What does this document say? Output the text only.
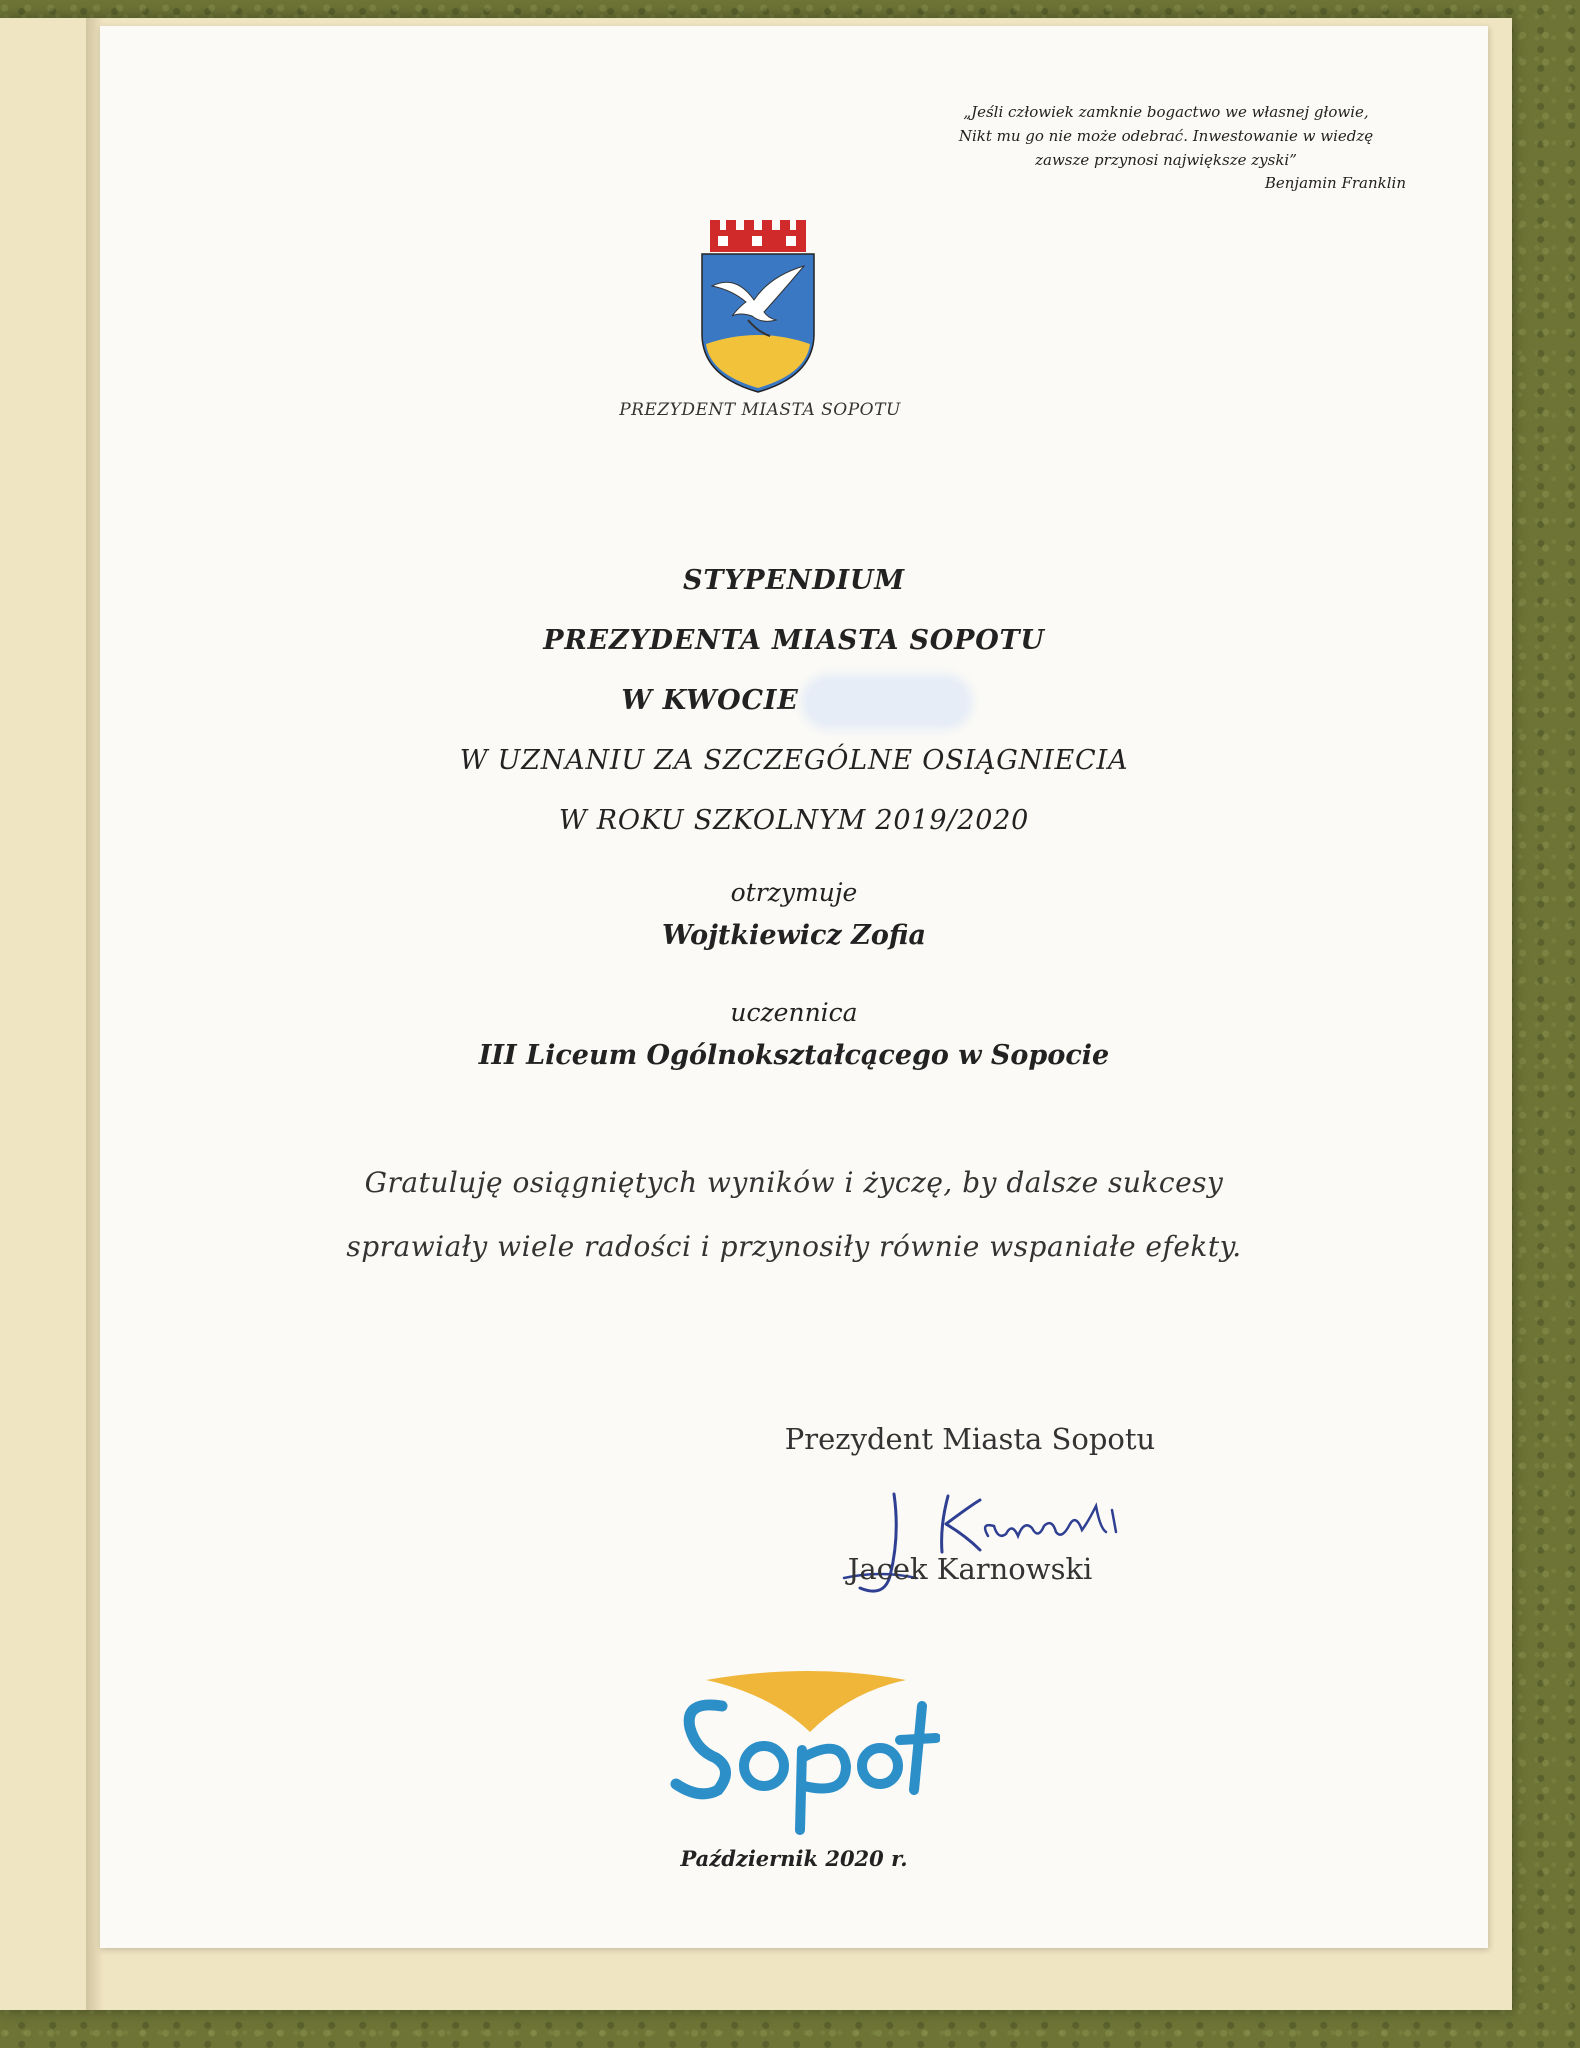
„Jeśli człowiek zamknie bogactwo we własnej głowie,
Nikt mu go nie może odebrać. Inwestowanie w wiedzę
zawsze przynosi największe zyski”
Benjamin Franklin
PREZYDENT MIASTA SOPOTU
STYPENDIUM
PREZYDENTA MIASTA SOPOTU
W KWOCIE
W UZNANIU ZA SZCZEGÓLNE OSIĄGNIECIA
W ROKU SZKOLNYM 2019/2020
otrzymuje
Wojtkiewicz Zofia
uczennica
III Liceum Ogólnokształcącego w Sopocie
Gratuluję osiągniętych wyników i życzę, by dalsze sukcesy
sprawiały wiele radości i przynosiły równie wspaniałe efekty.
Prezydent Miasta Sopotu
Jacek Karnowski
Październik 2020 r.
